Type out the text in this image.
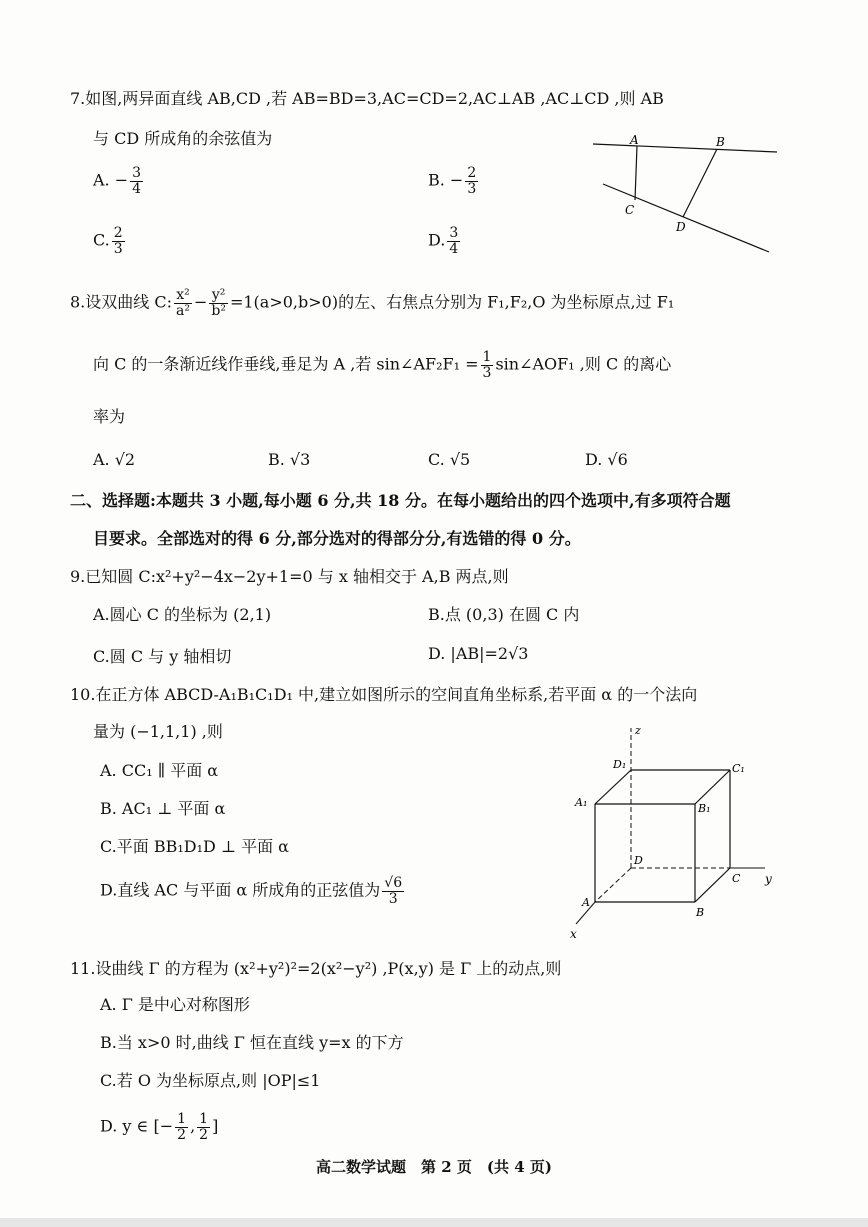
7.如图,两异面直线 AB,CD ,若 AB=BD=3,AC=CD=2,AC⊥AB ,AC⊥CD ,则 AB
与 CD 所成角的余弦值为
A. − $\frac{3}{4}$	B. − $\frac{2}{3}$
C. $\frac{2}{3}$	D. $\frac{3}{4}$
A	B
C
D
8.设双曲线 C: $\frac{\text{x²}}{\text{a²}} - \frac{\text{y²}}{\text{b²}} =1(a>0,b>0)$的左、右焦点分别为 F₁,F₂,O 为坐标原点,过 F₁
向 C 的一条渐近线作垂线,垂足为 A ,若 sin∠AF₂F₁ = $\frac{1}{3}$ sin∠AOF₁ ,则 C 的离心
率为
A. √2	B. √3	C. √5	D. √6
二、选择题:本题共 3 小题,每小题 6 分,共 18 分。在每小题给出的四个选项中,有多项符合题
目要求。全部选对的得 6 分,部分选对的得部分分,有选错的得 0 分。
9.已知圆 C:x²+y²−4x−2y+1=0 与 x 轴相交于 A,B 两点,则
A.圆心 C 的坐标为 (2,1)	B.点 (0,3) 在圆 C 内
C.圆 C 与 y 轴相切	D. |AB|=2√3
10.在正方体 ABCD-A₁B₁C₁D₁ 中,建立如图所示的空间直角坐标系,若平面 α 的一个法向
量为 (−1,1,1) ,则
A. CC₁ ∥ 平面 α
B. AC₁ ⊥ 平面 α
C.平面 BB₁D₁D ⊥ 平面 α
D.直线 AC 与平面 α 所成角的正弦值为 $\frac{√6}{3}$
z
y
x
D₁	C₁
A₁	B₁
D
C
A
B
11.设曲线 Γ 的方程为 (x²+y²)²=2(x²−y²) ,P(x,y) 是 Γ 上的动点,则
A. Γ 是中心对称图形
B.当 x>0 时,曲线 Γ 恒在直线 y=x 的下方
C.若 O 为坐标原点,则 |OP|≤1
D. y ∈ [− $\frac{1}{2}$ , $\frac{1}{2}$ ]
高二数学试题　第 2 页　(共 4 页)
